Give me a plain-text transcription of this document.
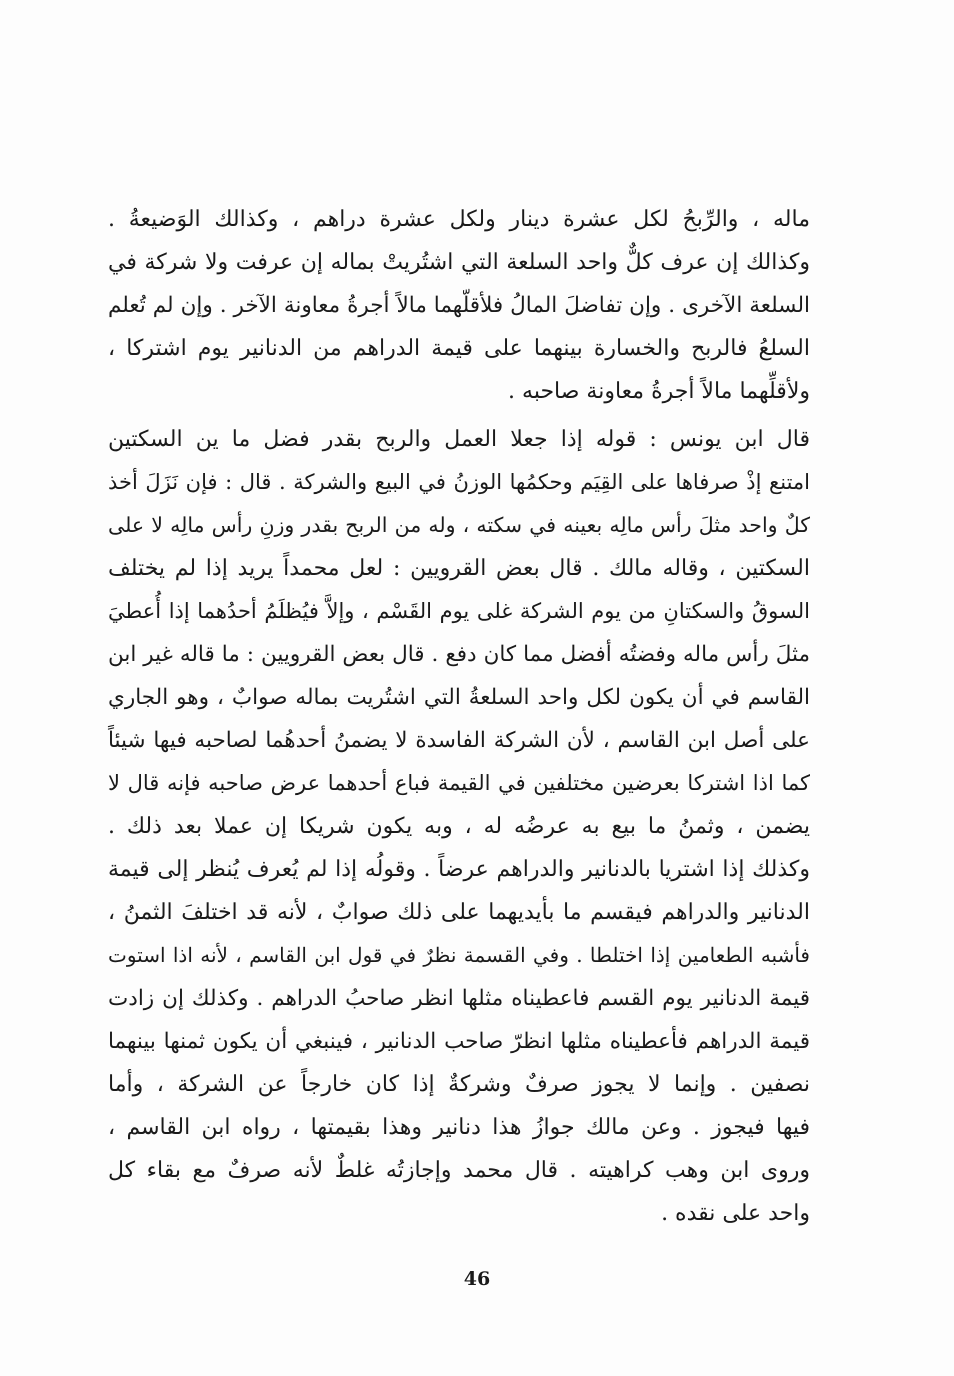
ماله ، والرِّبحُ لكل عشرة دينار ولكل عشرة دراهم ، وكذالك الوَضيعةُ .
وكذالك إن عرف كلٌّ واحد السلعة التي اشتُريتْ بماله إن عرفت ولا شركة في
السلعة الآخرى . وإن تفاضلَ المالُ فلأقلّهما مالاً أجرةُ معاونة الآخر . وإن لم تُعلم
السلعُ فالربح والخسارة بينهما على قيمة الدراهم من الدنانير يوم اشتركا ،
ولأقلِّهما مالاً أجرةُ معاونة صاحبه .
قال ابن يونس : قوله إذا جعلا العمل والربح بقدر فضل ما ين السكتين
امتنع إذْ صرفاها على القِيَم وحكمُها الوزنُ في البيع والشركة . قال : فإن نَزَلَ أخذ
كلٌ واحد مثلَ رأس مالِه بعينه في سكته ، وله من الربح بقدر وزنِ رأس مالِه لا على
السكتين ، وقاله مالك . قال بعض القرويين : لعل محمداً يريد إذا لم يختلف
السوقُ والسكتانِ من يوم الشركة غلى يوم القَسْم ، وإلاَّ فيُظلَمُ أحدُهما إذا أُعطيَ
مثلَ رأس ماله وفضتُه أفضل مما كان دفع . قال بعض القرويين : ما قاله غير ابن
القاسم في أن يكون لكل واحد السلعةُ التي اشتُريت بماله صوابٌ ، وهو الجاري
على أصل ابن القاسم ، لأن الشركة الفاسدة لا يضمنُ أحدهُما لصاحبه فيها شيئاً
كما اذا اشتركا بعرضين مختلفين في القيمة فباع أحدهما عرض صاحبه فإنه قال لا
يضمن ، وثمنُ ما بيع به عرضُه له ، وبه يكون شريكا إن عملا بعد ذلك .
وكذلك إذا اشتريا بالدنانير والدراهم عرضاً . وقولُه إذا لم يُعرف يُنظر إلى قيمة
الدنانير والدراهم فيقسم ما بأيديهما على ذلك صوابٌ ، لأنه قد اختلفَ الثمنُ ،
فأشبه الطعامين إذا اختلطا . وفي القسمة نظرٌ في قول ابن القاسم ، لأنه اذا استوت
قيمة الدنانير يوم القسم فاعطيناه مثلها انظر صاحبُ الدراهم . وكذلك إن زادت
قيمة الدراهم فأعطيناه مثلها انظرّ صاحب الدنانير ، فينبغي أن يكون ثمنها بينهما
نصفين . وإنما لا يجوز صرفٌ وشركةٌ إذا كان خارجاً عن الشركة ، وأما
فيها فيجوز . وعن مالك جوازُ هذا دنانير وهذا بقيمتها ، رواه ابن القاسم ،
وروى ابن وهب كراهيته . قال محمد وإجازتُه غلطٌ لأنه صرفٌ مع بقاء كل
واحد على نقده .
46
